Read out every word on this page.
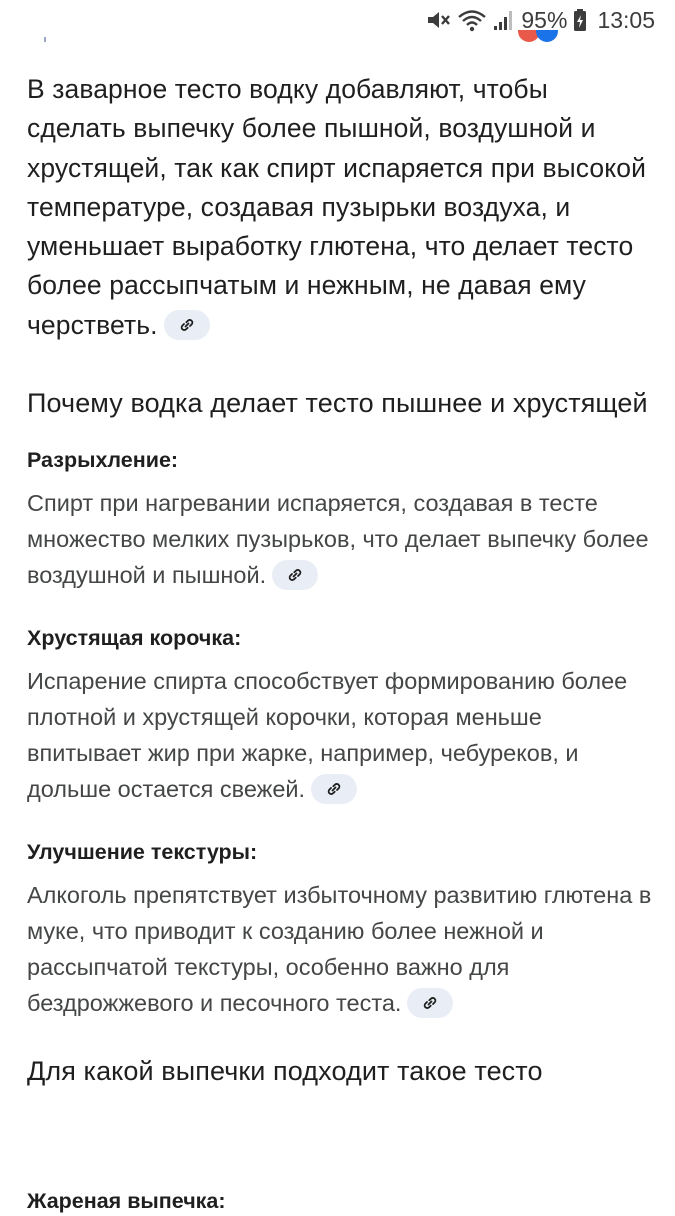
95% 13:05

В заварное тесто водку добавляют, чтобы сделать выпечку более пышной, воздушной и хрустящей, так как спирт испаряется при высокой температуре, создавая пузырьки воздуха, и уменьшает выработку глютена, что делает тесто более рассыпчатым и нежным, не давая ему черстветь.

Почему водка делает тесто пышнее и хрустящей
Разрыхление:

Спирт при нагревании испаряется, создавая в тесте множество мелких пузырьков, что делает выпечку более воздушной и пышной.

Хрустящая корочка:

Испарение спирта способствует формированию более плотной и хрустящей корочки, которая меньше впитывает жир при жарке, например, чебуреков, и дольше остается свежей.

Улучшение текстуры:

Алкоголь препятствует избыточному развитию глютена в муке, что приводит к созданию более нежной и рассыпчатой текстуры, особенно важно для бездрожжевого и песочного теста.

Для какой выпечки подходит такое тесто
Жареная выпечка:
